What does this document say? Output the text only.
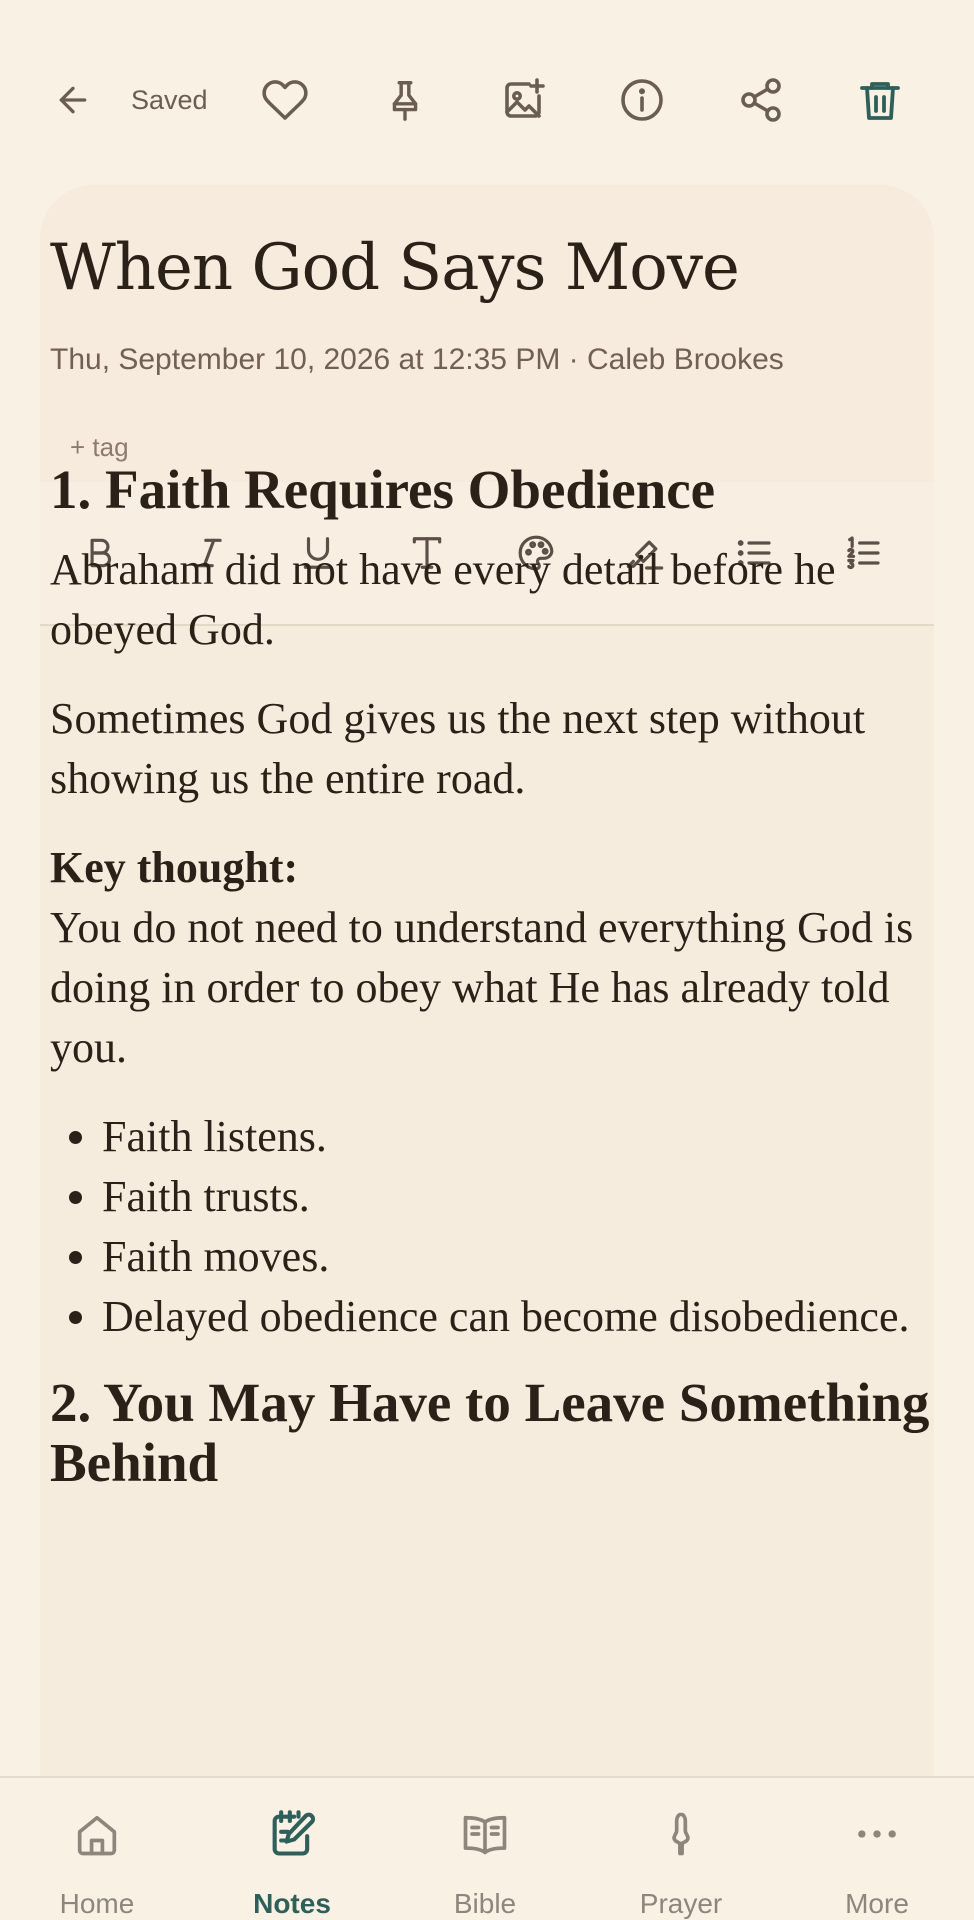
Saved
When God Says Move
Thu, September 10, 2026 at 12:35 PM · Caleb Brookes
+ tag
1. Faith Requires Obedience

Abraham did not have every detail before he obeyed God.

Sometimes God gives us the next step without showing us the entire road.

Key thought:
You do not need to understand everything God is doing in order to obey what He has already told you.

• Faith listens.
• Faith trusts.
• Faith moves.
• Delayed obedience can become disobedience.
2. You May Have to Leave Something Behind
Home	Notes	Bible	Prayer	More
